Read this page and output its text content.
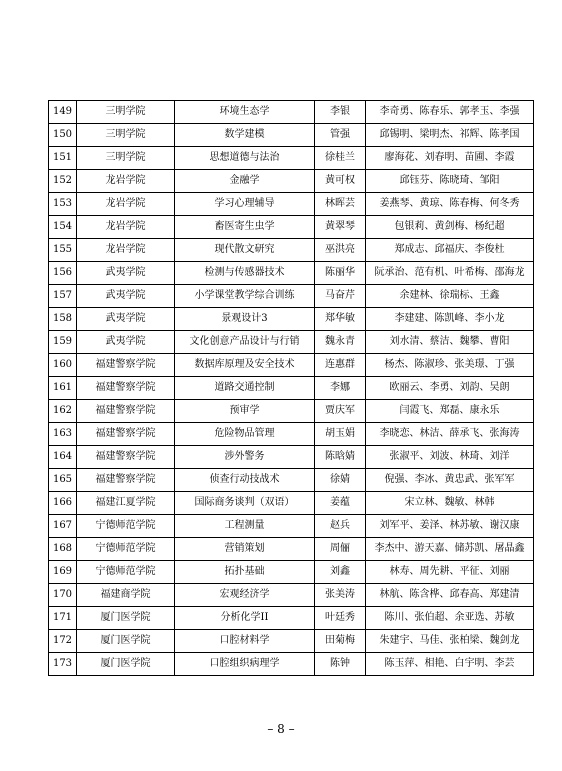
149	三明学院	环境生态学	李银	李奇勇、陈春乐、郭孝玉、李强
150	三明学院	数学建模	管强	邱锡明、梁明杰、祁辉、陈孝国
151	三明学院	思想道德与法治	徐桂兰	廖海花、刘春明、苗圃、李霞
152	龙岩学院	金融学	黄可权	邱钰芬、陈晓琦、邹阳
153	龙岩学院	学习心理辅导	林晖芸	姜燕琴、黄琼、陈春梅、何冬秀
154	龙岩学院	畜医寄生虫学	黄翠琴	包银莉、黄剑梅、杨纪超
155	龙岩学院	现代散文研究	巫洪亮	郑成志、邱福庆、李俊杜
156	武夷学院	检测与传感器技术	陈丽华	阮承治、范有机、叶希梅、邵海龙
157	武夷学院	小学课堂教学综合训练	马奋芹	余建林、徐瑞标、王鑫
158	武夷学院	景观设计3	郑华敏	李建建、陈凯峰、李小龙
159	武夷学院	文化创意产品设计与行销	魏永青	刘水清、蔡洁、魏攀、曹阳
160	福建警察学院	数据库原理及安全技术	连惠群	杨杰、陈淑珍、张美璟、丁强
161	福建警察学院	道路交通控制	李娜	欧丽云、李勇、刘韵、吴朗
162	福建警察学院	预审学	贾庆军	闫霞飞、郑磊、康永乐
163	福建警察学院	危险物品管理	胡玉娟	李晓恋、林洁、薛承飞、张海涛
164	福建警察学院	涉外警务	陈晗婧	张淑平、刘波、林琦、刘洋
165	福建警察学院	侦查行动技战术	徐婧	倪强、李冰、黄忠武、张军军
166	福建江夏学院	国际商务谈判（双语）	姜蕴	宋立林、魏敏、林韩
167	宁德师范学院	工程测量	赵兵	刘军平、姜泽、林苏敏、谢汉康
168	宁德师范学院	营销策划	周俪	李杰中、游天嘉、储苏凯、屠晶鑫
169	宁德师范学院	拓扑基础	刘鑫	林寿、周先耕、平征、刘丽
170	福建商学院	宏观经济学	张美涛	林航、陈含桦、邱春高、郑建清
171	厦门医学院	分析化学II	叶廷秀	陈川、张伯超、余亚选、苏敏
172	厦门医学院	口腔材料学	田菊梅	朱建宇、马佳、张柏梁、魏剑龙
173	厦门医学院	口腔组织病理学	陈钟	陈玉萍、相艳、白宇明、李芸
– 8 –
